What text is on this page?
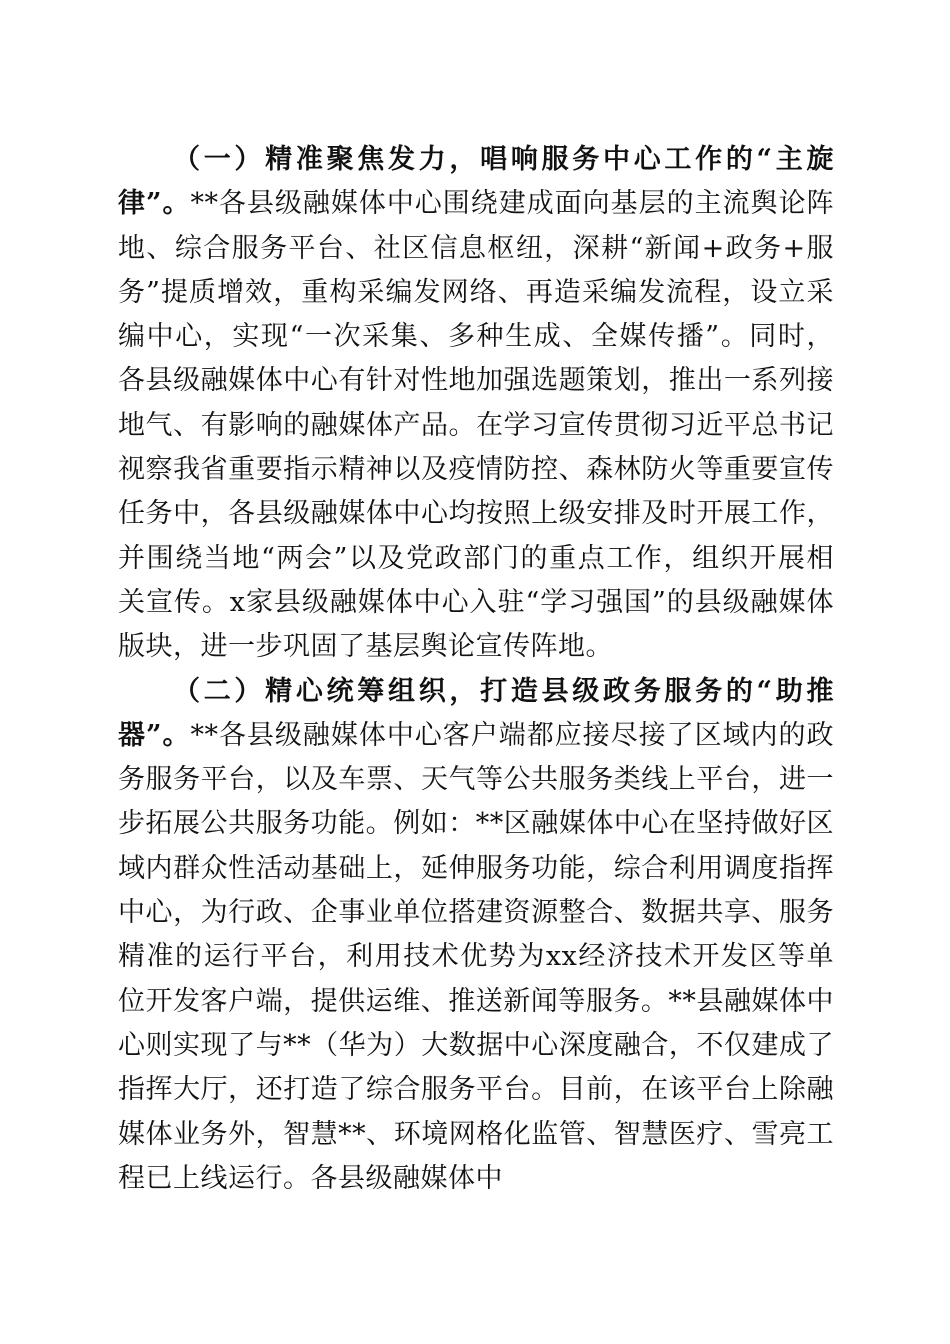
（一）精准聚焦发力，唱响服务中心工作的“主旋律”。**各县级融媒体中心围绕建成面向基层的主流舆论阵地、综合服务平台、社区信息枢纽，深耕“新闻+政务+服务”提质增效，重构采编发网络、再造采编发流程，设立采编中心，实现“一次采集、多种生成、全媒传播”。同时，各县级融媒体中心有针对性地加强选题策划，推出一系列接地气、有影响的融媒体产品。在学习宣传贯彻习近平总书记视察我省重要指示精神以及疫情防控、森林防火等重要宣传任务中，各县级融媒体中心均按照上级安排及时开展工作，并围绕当地“两会”以及党政部门的重点工作，组织开展相关宣传。x家县级融媒体中心入驻“学习强国”的县级融媒体版块，进一步巩固了基层舆论宣传阵地。

（二）精心统筹组织，打造县级政务服务的“助推器”。**各县级融媒体中心客户端都应接尽接了区域内的政务服务平台，以及车票、天气等公共服务类线上平台，进一步拓展公共服务功能。例如：**区融媒体中心在坚持做好区域内群众性活动基础上，延伸服务功能，综合利用调度指挥中心，为行政、企事业单位搭建资源整合、数据共享、服务精准的运行平台，利用技术优势为xx经济技术开发区等单位开发客户端，提供运维、推送新闻等服务。**县融媒体中心则实现了与**（华为）大数据中心深度融合，不仅建成了指挥大厅，还打造了综合服务平台。目前，在该平台上除融媒体业务外，智慧**、环境网格化监管、智慧医疗、雪亮工程已上线运行。各县级融媒体中
